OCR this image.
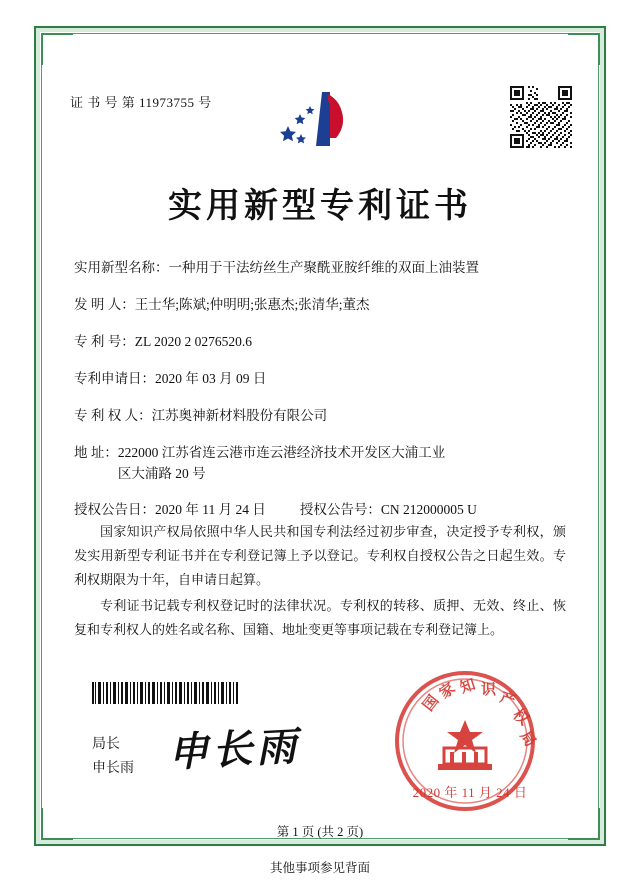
证 书 号 第 11973755 号
实用新型专利证书
实用新型名称： 一种用于干法纺丝生产聚酰亚胺纤维的双面上油装置
发 明 人： 王士华;陈斌;仲明明;张惠杰;张清华;董杰
专 利 号： ZL 2020 2 0276520.6
专利申请日： 2020 年 03 月 09 日
专 利 权 人： 江苏奥神新材料股份有限公司
地 址： 222000 江苏省连云港市连云港经济技术开发区大浦工业
区大浦路 20 号
授权公告日： 2020 年 11 月 24 日	授权公告号： CN 212000005 U

国家知识产权局依照中华人民共和国专利法经过初步审查，决定授予专利权，颁发实用新型专利证书并在专利登记簿上予以登记。专利权自授权公告之日起生效。专利权期限为十年，自申请日起算。

专利证书记载专利权登记时的法律状况。专利权的转移、质押、无效、终止、恢复和专利权人的姓名或名称、国籍、地址变更等事项记载在专利登记簿上。

局长
申长雨 申长雨
国
家 知 识 产
权
局
2020 年 11 月 24 日
第 1 页 (共 2 页)
其他事项参见背面
